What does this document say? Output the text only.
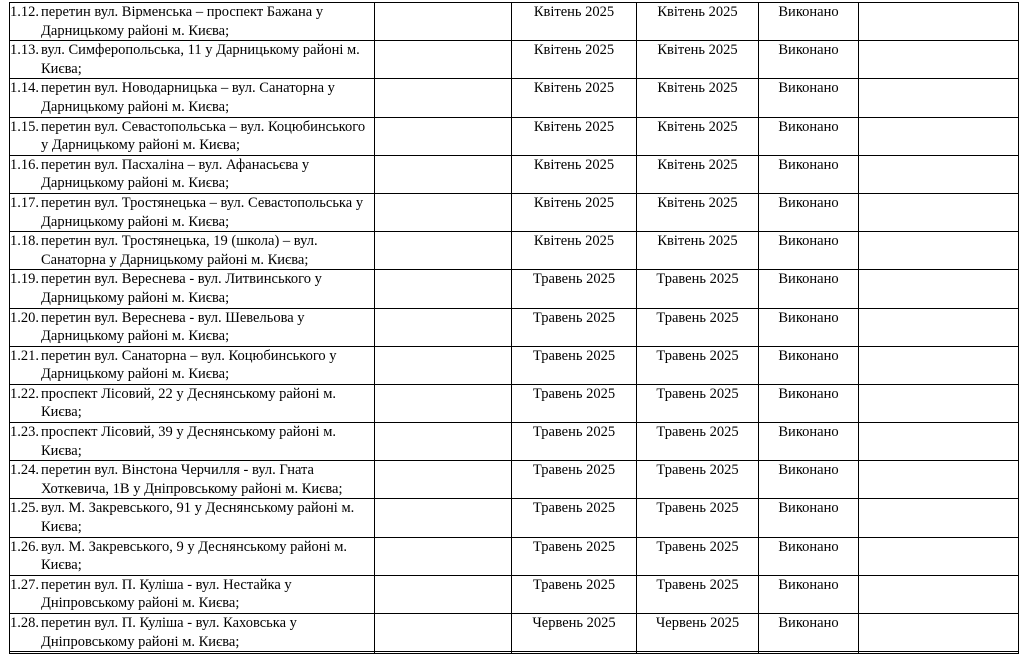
1.12. перетин вул. Вірменська – проспект Бажана у Дарницькому районі м. Києва;		Квітень 2025	Квітень 2025	Виконано	

1.13. вул. Симферопольська, 11 у Дарницькому районі м. Києва;		Квітень 2025	Квітень 2025	Виконано	

1.14. перетин вул. Новодарницька – вул. Санаторна у Дарницькому районі м. Києва;		Квітень 2025	Квітень 2025	Виконано	

1.15. перетин вул. Севастопольська – вул. Коцюбинського у Дарницькому районі м. Києва;		Квітень 2025	Квітень 2025	Виконано	

1.16. перетин вул. Пасхаліна – вул. Афанасьєва у Дарницькому районі м. Києва;		Квітень 2025	Квітень 2025	Виконано	

1.17. перетин вул. Тростянецька – вул. Севастопольська у Дарницькому районі м. Києва;		Квітень 2025	Квітень 2025	Виконано	

1.18. перетин вул. Тростянецька, 19 (школа) – вул. Санаторна у Дарницькому районі м. Києва;		Квітень 2025	Квітень 2025	Виконано	

1.19. перетин вул. Вереснева - вул. Литвинського у Дарницькому районі м. Києва;		Травень 2025	Травень 2025	Виконано	

1.20. перетин вул. Вереснева - вул. Шевельова у Дарницькому районі м. Києва;		Травень 2025	Травень 2025	Виконано	

1.21. перетин вул. Санаторна – вул. Коцюбинського у Дарницькому районі м. Києва;		Травень 2025	Травень 2025	Виконано	

1.22. проспект Лісовий, 22 у Деснянському районі м. Києва;		Травень 2025	Травень 2025	Виконано	

1.23. проспект Лісовий, 39 у Деснянському районі м. Києва;		Травень 2025	Травень 2025	Виконано	

1.24. перетин вул. Вінстона Черчилля - вул. Гната Хоткевича, 1В у Дніпровському районі м. Києва;		Травень 2025	Травень 2025	Виконано	

1.25. вул. М. Закревського, 91 у Деснянському районі м. Києва;		Травень 2025	Травень 2025	Виконано	

1.26. вул. М. Закревського, 9 у Деснянському районі м. Києва;		Травень 2025	Травень 2025	Виконано	

1.27. перетин вул. П. Куліша - вул. Нестайка у Дніпровському районі м. Києва;		Травень 2025	Травень 2025	Виконано	

1.28. перетин вул. П. Куліша - вул. Каховська у Дніпровському районі м. Києва;		Червень 2025	Червень 2025	Виконано	
